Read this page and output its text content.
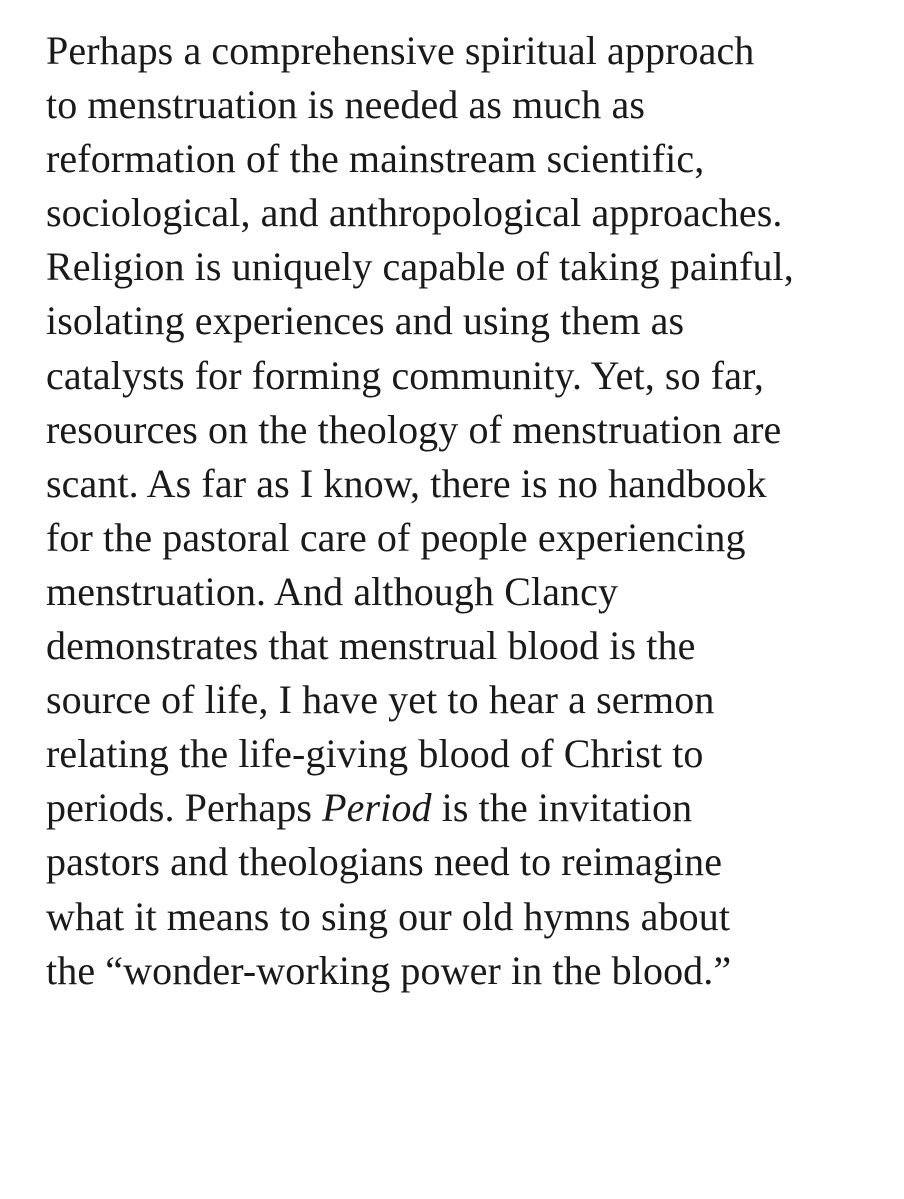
Perhaps a comprehensive spiritual approach
to menstruation is needed as much as
reformation of the mainstream scientific,
sociological, and anthropological approaches.
Religion is uniquely capable of taking painful,
isolating experiences and using them as
catalysts for forming community. Yet, so far,
resources on the theology of menstruation are
scant. As far as I know, there is no handbook
for the pastoral care of people experiencing
menstruation. And although Clancy
demonstrates that menstrual blood is the
source of life, I have yet to hear a sermon
relating the life-giving blood of Christ to
periods. Perhaps Period is the invitation
pastors and theologians need to reimagine
what it means to sing our old hymns about
the “wonder-working power in the blood.”
